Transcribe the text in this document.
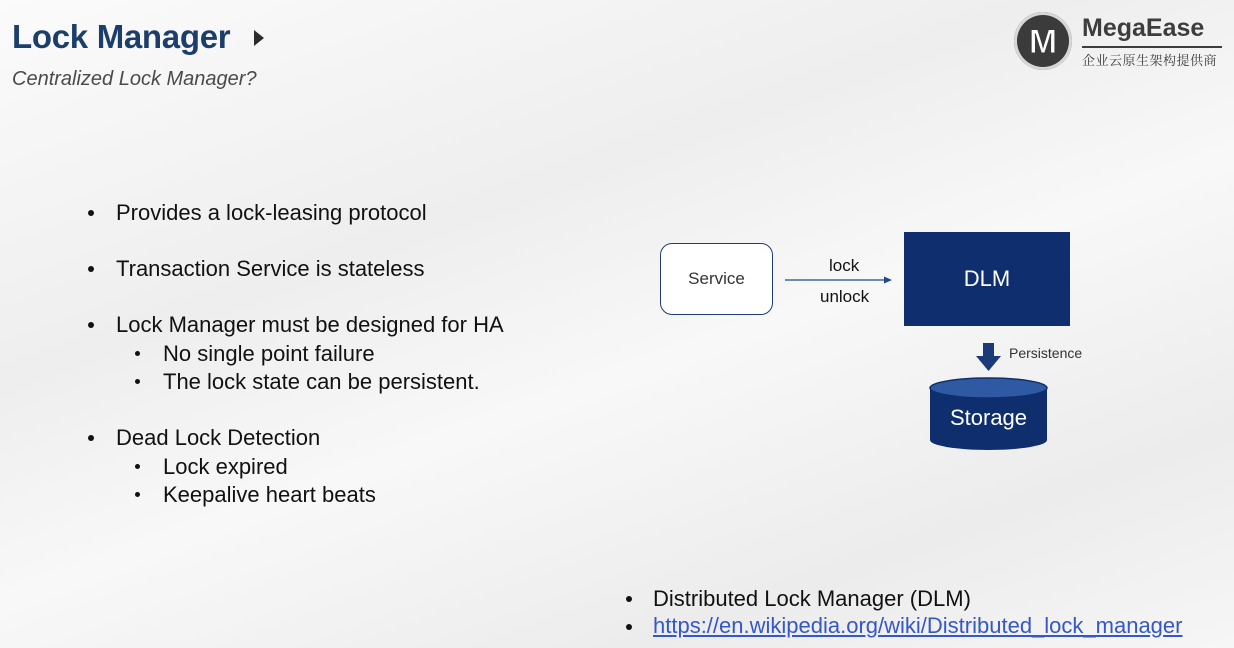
Lock Manager
Centralized Lock Manager?
M MegaEase
企业云原生架构提供商
Provides a lock-leasing protocol
Transaction Service is stateless
Lock Manager must be designed for HA
No single point failure
The lock state can be persistent.
Dead Lock Detection
Lock expired
Keepalive heart beats
Service
lock
unlock
DLM
Persistence
Storage
Distributed Lock Manager (DLM)
https://en.wikipedia.org/wiki/Distributed_lock_manager
